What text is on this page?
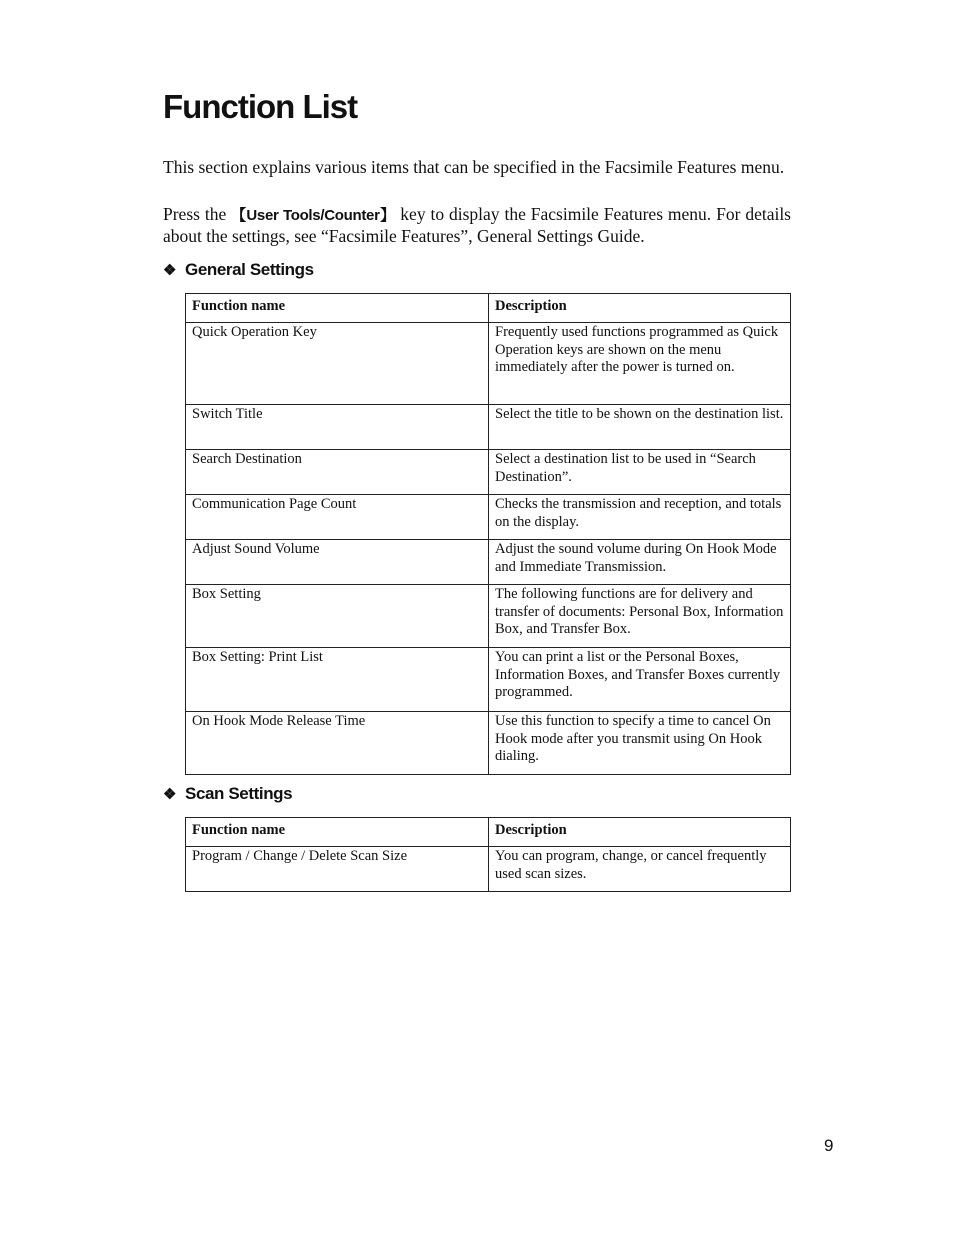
Function List

This section explains various items that can be specified in the Facsimile Features menu.

Press the 【User Tools/Counter】 key to display the Facsimile Features menu. For details about the settings, see “Facsimile Features”, General Settings Guide.

❖ General Settings
Function name	Description
Quick Operation Key	Frequently used functions programmed as Quick Operation keys are shown on the menu immediately after the power is turned on.
Switch Title	Select the title to be shown on the destination list.
Search Destination	Select a destination list to be used in “Search Destination”.
Communication Page Count	Checks the transmission and reception, and totals on the display.
Adjust Sound Volume	Adjust the sound volume during On Hook Mode and Immediate Transmission.
Box Setting	The following functions are for delivery and transfer of documents: Personal Box, Information Box, and Transfer Box.
Box Setting: Print List	You can print a list or the Personal Boxes, Information Boxes, and Transfer Boxes currently programmed.
On Hook Mode Release Time	Use this function to specify a time to cancel On Hook mode after you transmit using On Hook dialing.
❖ Scan Settings
Function name	Description
Program / Change / Delete Scan Size	You can program, change, or cancel frequently used scan sizes.
9
